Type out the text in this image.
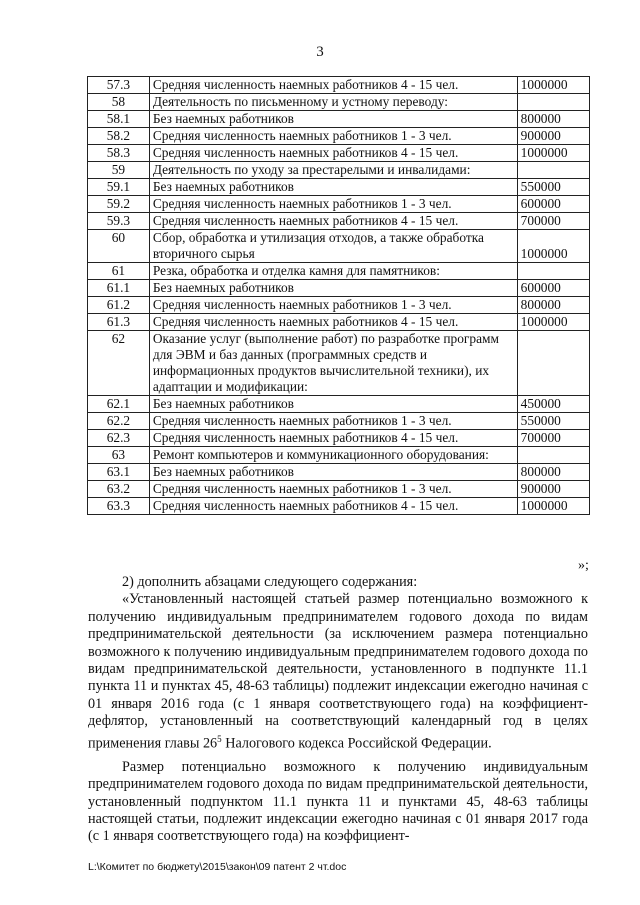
3
57.3	Средняя численность наемных работников 4 - 15 чел.	1000000
58	Деятельность по письменному и устному переводу:	
58.1	Без наемных работников	800000
58.2	Средняя численность наемных работников 1 - 3 чел.	900000
58.3	Средняя численность наемных работников 4 - 15 чел.	1000000
59	Деятельность по уходу за престарелыми и инвалидами:	
59.1	Без наемных работников	550000
59.2	Средняя численность наемных работников 1 - 3 чел.	600000
59.3	Средняя численность наемных работников 4 - 15 чел.	700000
60	Сбор, обработка и утилизация отходов, а также обработка вторичного сырья	1000000
61	Резка, обработка и отделка камня для памятников:	
61.1	Без наемных работников	600000
61.2	Средняя численность наемных работников 1 - 3 чел.	800000
61.3	Средняя численность наемных работников 4 - 15 чел.	1000000
62	Оказание услуг (выполнение работ) по разработке программ для ЭВМ и баз данных (программных средств и информационных продуктов вычислительной техники), их адаптации и модификации:	
62.1	Без наемных работников	450000
62.2	Средняя численность наемных работников 1 - 3 чел.	550000
62.3	Средняя численность наемных работников 4 - 15 чел.	700000
63	Ремонт компьютеров и коммуникационного оборудования:	
63.1	Без наемных работников	800000
63.2	Средняя численность наемных работников 1 - 3 чел.	900000
63.3	Средняя численность наемных работников 4 - 15 чел.	1000000
»;

2) дополнить абзацами следующего содержания:

«Установленный настоящей статьей размер потенциально возможного к получению индивидуальным предпринимателем годового дохода по видам предпринимательской деятельности (за исключением размера потенциально возможного к получению индивидуальным предпринимателем годового дохода по видам предпринимательской деятельности, установленного в подпункте 11.1 пункта 11 и пунктах 45, 48-63 таблицы) подлежит индексации ежегодно начиная с 01 января 2016 года (с 1 января соответствующего года) на коэффициент-дефлятор, установленный на соответствующий календарный год в целях применения главы $26^5$ Налогового кодекса Российской Федерации.

Размер потенциально возможного к получению индивидуальным предпринимателем годового дохода по видам предпринимательской деятельности, установленный подпунктом 11.1 пункта 11 и пунктами 45, 48-63 таблицы настоящей статьи, подлежит индексации ежегодно начиная с 01 января 2017 года (с 1 января соответствующего года) на коэффициент-

L:\Комитет по бюджету\2015\закон\09 патент 2 чт.doc
